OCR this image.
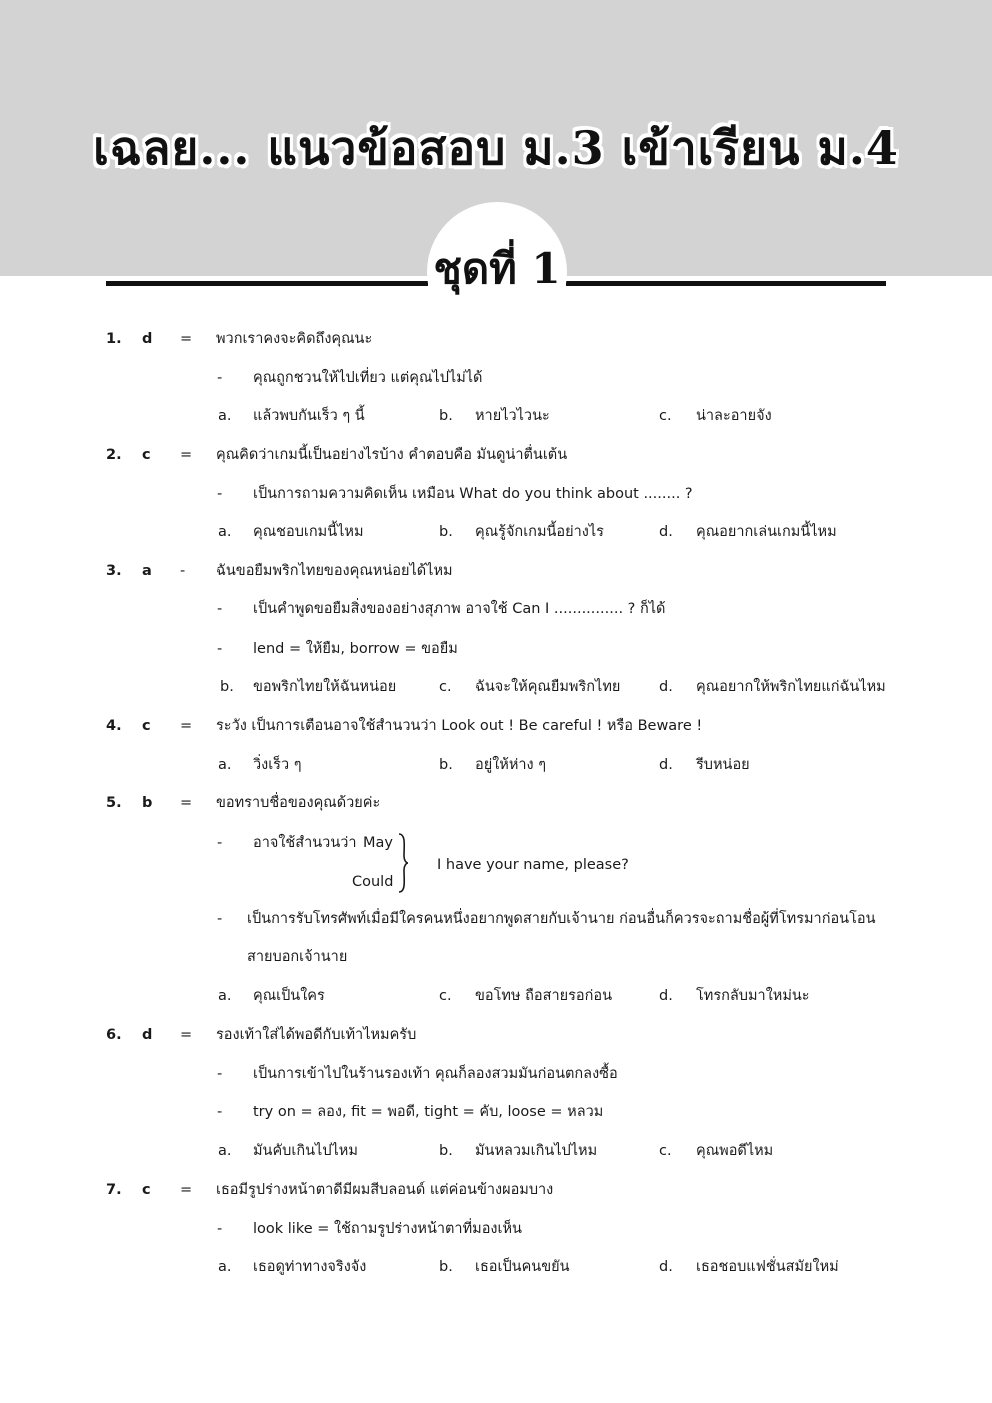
เฉลย... แนวข้อสอบ ม.3 เข้าเรียน ม.4
ชุดที่ 1
1. d = พวกเราคงจะคิดถึงคุณนะ
- คุณถูกชวนให้ไปเที่ยว แต่คุณไปไม่ได้
a. แล้วพบกันเร็ว ๆ นี้	b. หายไวไวนะ	c. น่าละอายจัง
2. c = คุณคิดว่าเกมนี้เป็นอย่างไรบ้าง คำตอบคือ มันดูน่าตื่นเต้น
- เป็นการถามความคิดเห็น เหมือน What do you think about ........ ?
a. คุณชอบเกมนี้ไหม	b. คุณรู้จักเกมนี้อย่างไร	d. คุณอยากเล่นเกมนี้ไหม
3. a - ฉันขอยืมพริกไทยของคุณหน่อยได้ไหม
- เป็นคำพูดขอยืมสิ่งของอย่างสุภาพ อาจใช้ Can I ............... ? ก็ได้
- lend = ให้ยืม, borrow = ขอยืม
b. ขอพริกไทยให้ฉันหน่อย	c. ฉันจะให้คุณยืมพริกไทย	d. คุณอยากให้พริกไทยแก่ฉันไหม
4. c = ระวัง เป็นการเตือนอาจใช้สำนวนว่า Look out ! Be careful ! หรือ Beware !
a. วิ่งเร็ว ๆ	b. อยู่ให้ห่าง ๆ	d. รีบหน่อย
5. b = ขอทราบชื่อของคุณด้วยค่ะ
- อาจใช้สำนวนว่า May
Could
I have your name, please?
- เป็นการรับโทรศัพท์เมื่อมีใครคนหนึ่งอยากพูดสายกับเจ้านาย ก่อนอื่นก็ควรจะถามชื่อผู้ที่โทรมาก่อนโอน
สายบอกเจ้านาย
a. คุณเป็นใคร	c. ขอโทษ ถือสายรอก่อน	d. โทรกลับมาใหม่นะ
6. d = รองเท้าใส่ได้พอดีกับเท้าไหมครับ
- เป็นการเข้าไปในร้านรองเท้า คุณก็ลองสวมมันก่อนตกลงซื้อ
- try on = ลอง, fit = พอดี, tight = คับ, loose = หลวม
a. มันคับเกินไปไหม	b. มันหลวมเกินไปไหม	c. คุณพอดีไหม
7. c = เธอมีรูปร่างหน้าตาดีมีผมสีบลอนด์ แต่ค่อนข้างผอมบาง
- look like = ใช้ถามรูปร่างหน้าตาที่มองเห็น
a. เธอดูท่าทางจริงจัง	b. เธอเป็นคนขยัน	d. เธอชอบแฟชั่นสมัยใหม่
